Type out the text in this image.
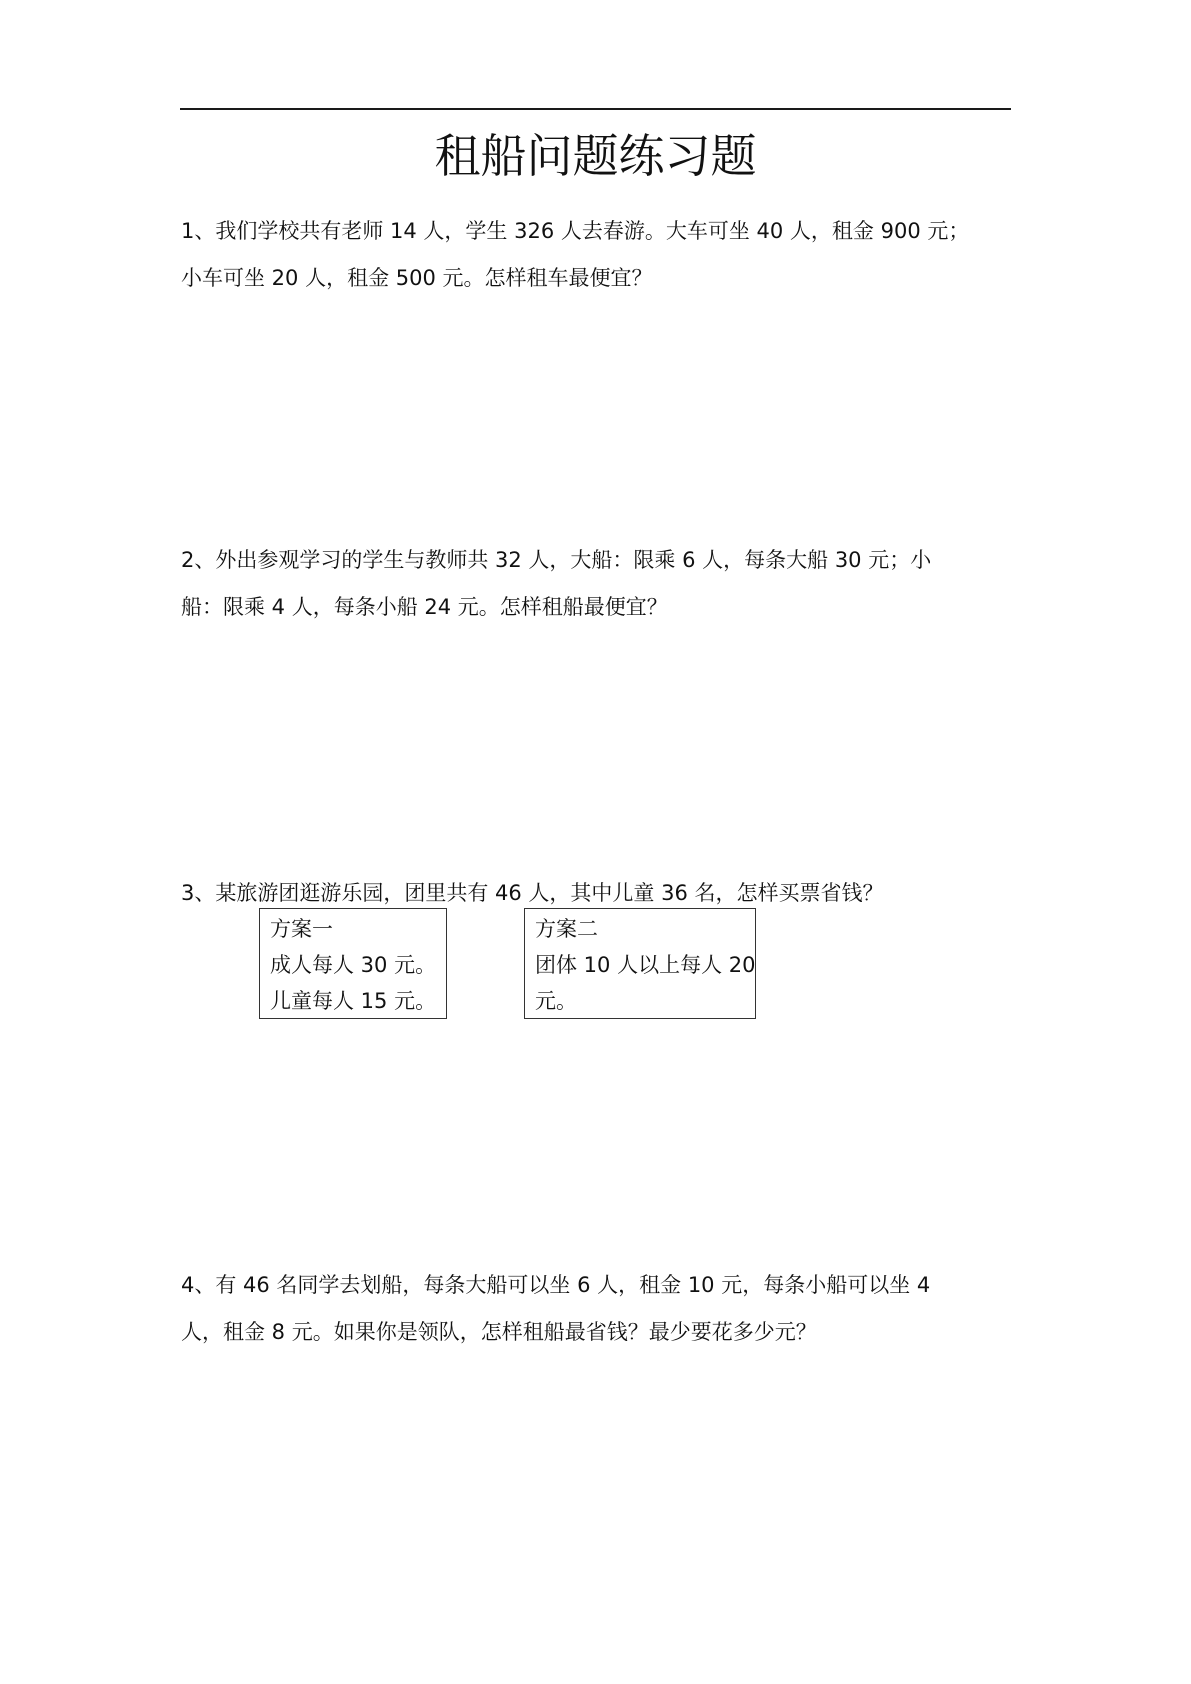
租船问题练习题
1、我们学校共有老师 14 人，学生 326 人去春游。大车可坐 40 人，租金 900 元；
小车可坐 20 人，租金 500 元。怎样租车最便宜？
2、外出参观学习的学生与教师共 32 人，大船：限乘 6 人，每条大船 30 元；小
船：限乘 4 人，每条小船 24 元。怎样租船最便宜？
3、某旅游团逛游乐园，团里共有 46 人，其中儿童 36 名，怎样买票省钱？
方案一
成人每人 30 元。
儿童每人 15 元。
方案二
团体 10 人以上每人 20
元。
4、有 46 名同学去划船，每条大船可以坐 6 人，租金 10 元，每条小船可以坐 4
人，租金 8 元。如果你是领队，怎样租船最省钱？最少要花多少元？
